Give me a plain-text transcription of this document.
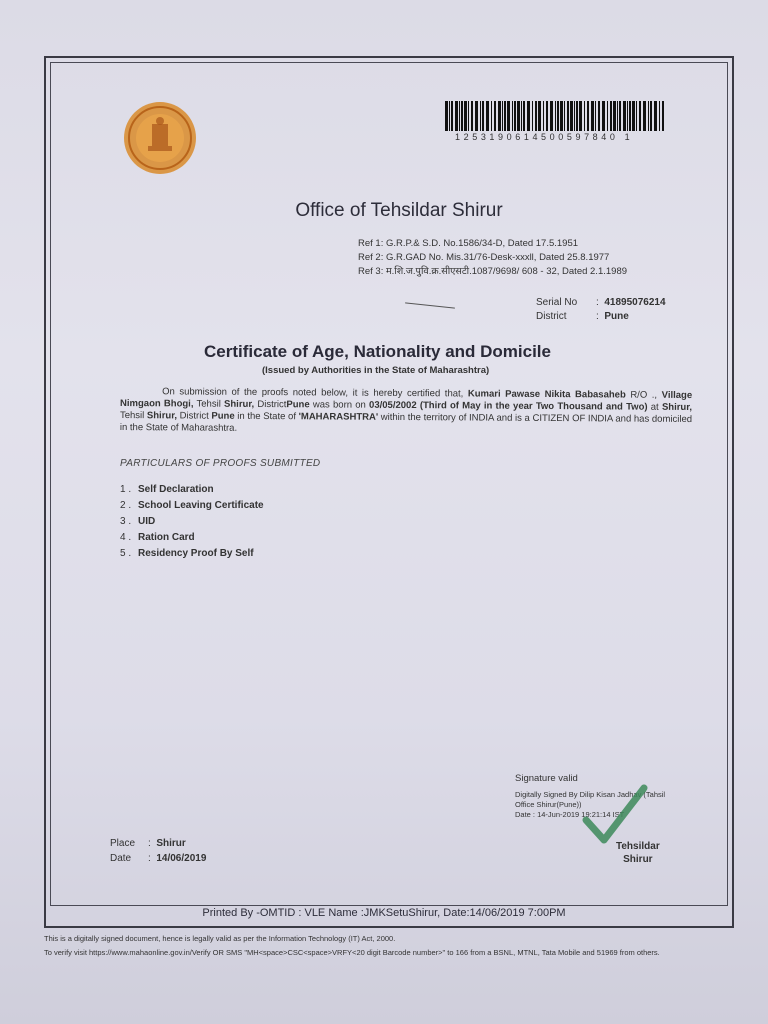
1253190614500597840 1
Office of Tehsildar Shirur
Ref 1: G.R.P.& S.D. No.1586/34-D, Dated 17.5.1951
Ref 2: G.R.GAD No. Mis.31/76-Desk-xxxll, Dated 25.8.1977
Ref 3: म.शि.ज.पुवि.क्र.सीएसटी.1087/9698/ 608 - 32, Dated 2.1.1989
Serial No :  41895076214
District	:  Pune
Certificate of Age, Nationality and Domicile
(Issued by Authorities in the State of Maharashtra)
On submission of the proofs noted below, it is hereby certified that, Kumari Pawase Nikita Babasaheb R/O ., Village Nimgaon Bhogi, Tehsil Shirur, DistrictPune was born on 03/05/2002 (Third of May in the year Two Thousand and Two) at Shirur, Tehsil Shirur, District Pune in the State of 'MAHARASHTRA' within the territory of INDIA and is a CITIZEN OF INDIA and has domiciled in the State of Maharashtra.
PARTICULARS OF PROOFS SUBMITTED
1 . Self Declaration
2 . School Leaving Certificate
3 . UID
4 . Ration Card
5 . Residency Proof By Self
Signature valid
Digitally Signed By Dilip Kisan Jadhav (Tahsil
Office Shirur(Pune))
Date : 14-Jun-2019 19:21:14 IST
Tehsildar
Shirur
Place :  Shirur
Date :  14/06/2019
Printed By -OMTID : VLE Name :JMKSetuShirur, Date:14/06/2019 7:00PM
This is a digitally signed document, hence is legally valid as per the Information Technology (IT) Act, 2000.
To verify visit https://www.mahaonline.gov.in/Verify OR SMS "MH<space>CSC<space>VRFY<20 digit Barcode number>" to 166 from a BSNL, MTNL, Tata Mobile and 51969 from others.
